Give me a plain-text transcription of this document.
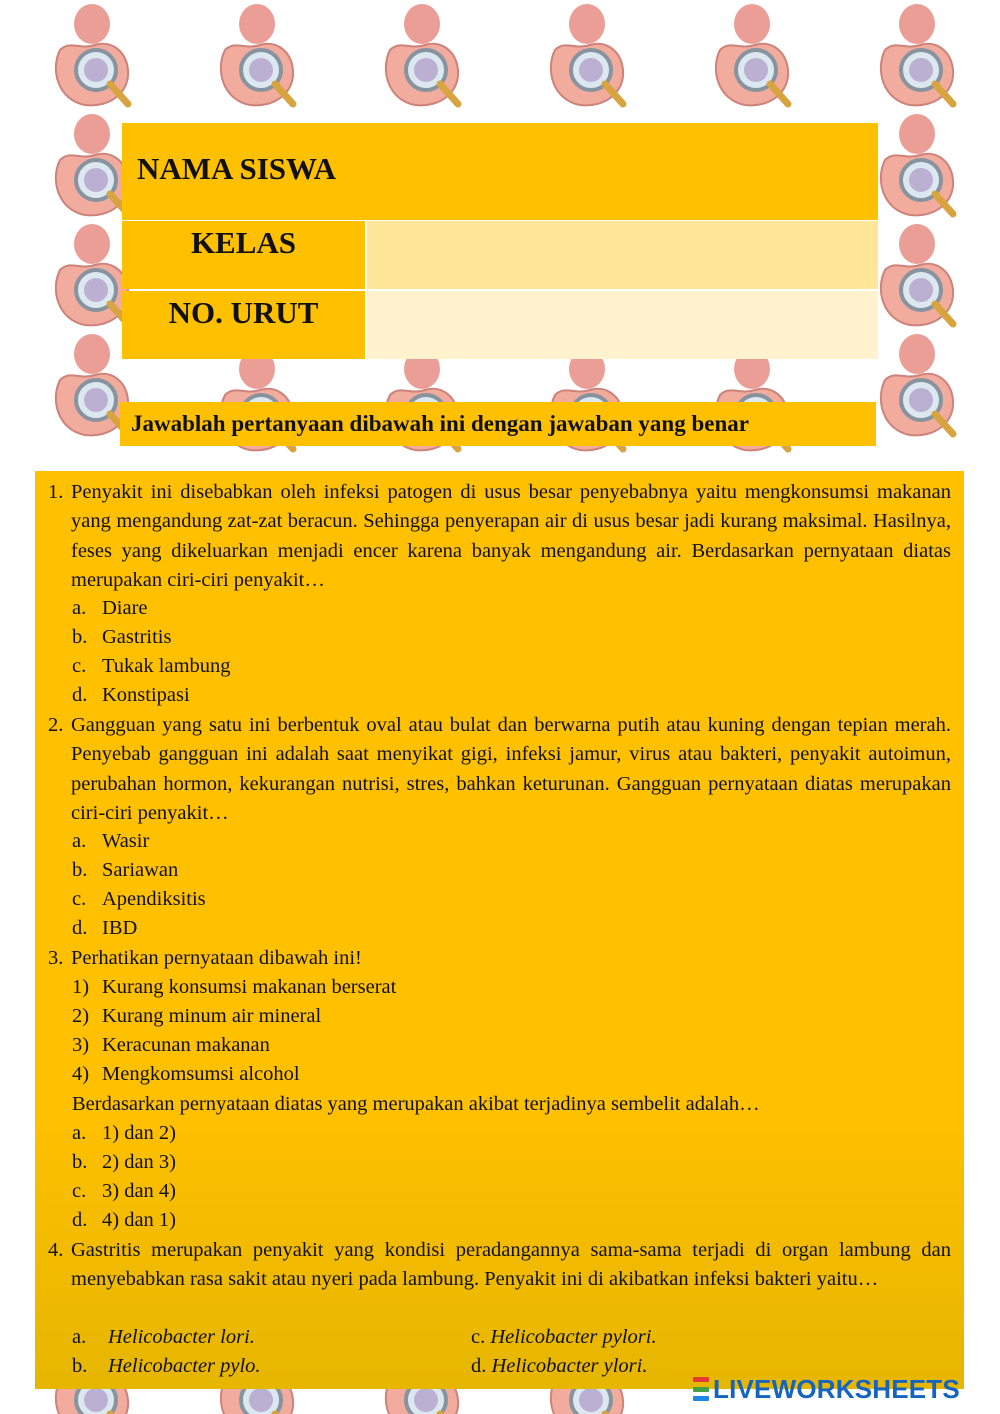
NAMA SISWA
KELAS
NO. URUT
Jawablah pertanyaan dibawah ini dengan jawaban yang benar
1. Penyakit ini disebabkan oleh infeksi patogen di usus besar penyebabnya yaitu mengkonsumsi makanan yang mengandung zat-zat beracun. Sehingga penyerapan air di usus besar jadi kurang maksimal. Hasilnya, feses yang dikeluarkan menjadi encer karena banyak mengandung air. Berdasarkan pernyataan diatas merupakan ciri-ciri penyakit…
a. Diare
b. Gastritis
c. Tukak lambung
d. Konstipasi
2. Gangguan yang satu ini berbentuk oval atau bulat dan berwarna putih atau kuning dengan tepian merah. Penyebab gangguan ini adalah saat menyikat gigi, infeksi jamur, virus atau bakteri, penyakit autoimun, perubahan hormon, kekurangan nutrisi, stres, bahkan keturunan. Gangguan pernyataan diatas merupakan ciri-ciri penyakit…
a. Wasir
b. Sariawan
c. Apendiksitis
d. IBD
3. Perhatikan pernyataan dibawah ini!
1) Kurang konsumsi makanan berserat
2) Kurang minum air mineral
3) Keracunan makanan
4) Mengkomsumsi alcohol
Berdasarkan pernyataan diatas yang merupakan akibat terjadinya sembelit adalah…
a. 1) dan 2)
b. 2) dan 3)
c. 3) dan 4)
d. 4) dan 1)
4. Gastritis merupakan penyakit yang kondisi peradangannya sama-sama terjadi di organ lambung dan menyebabkan rasa sakit atau nyeri pada lambung. Penyakit ini di akibatkan infeksi bakteri yaitu…
a. Helicobacter lori.
b. Helicobacter pylo.
c. Helicobacter pylori.
d. Helicobacter ylori.
LIVEWORKSHEETS
